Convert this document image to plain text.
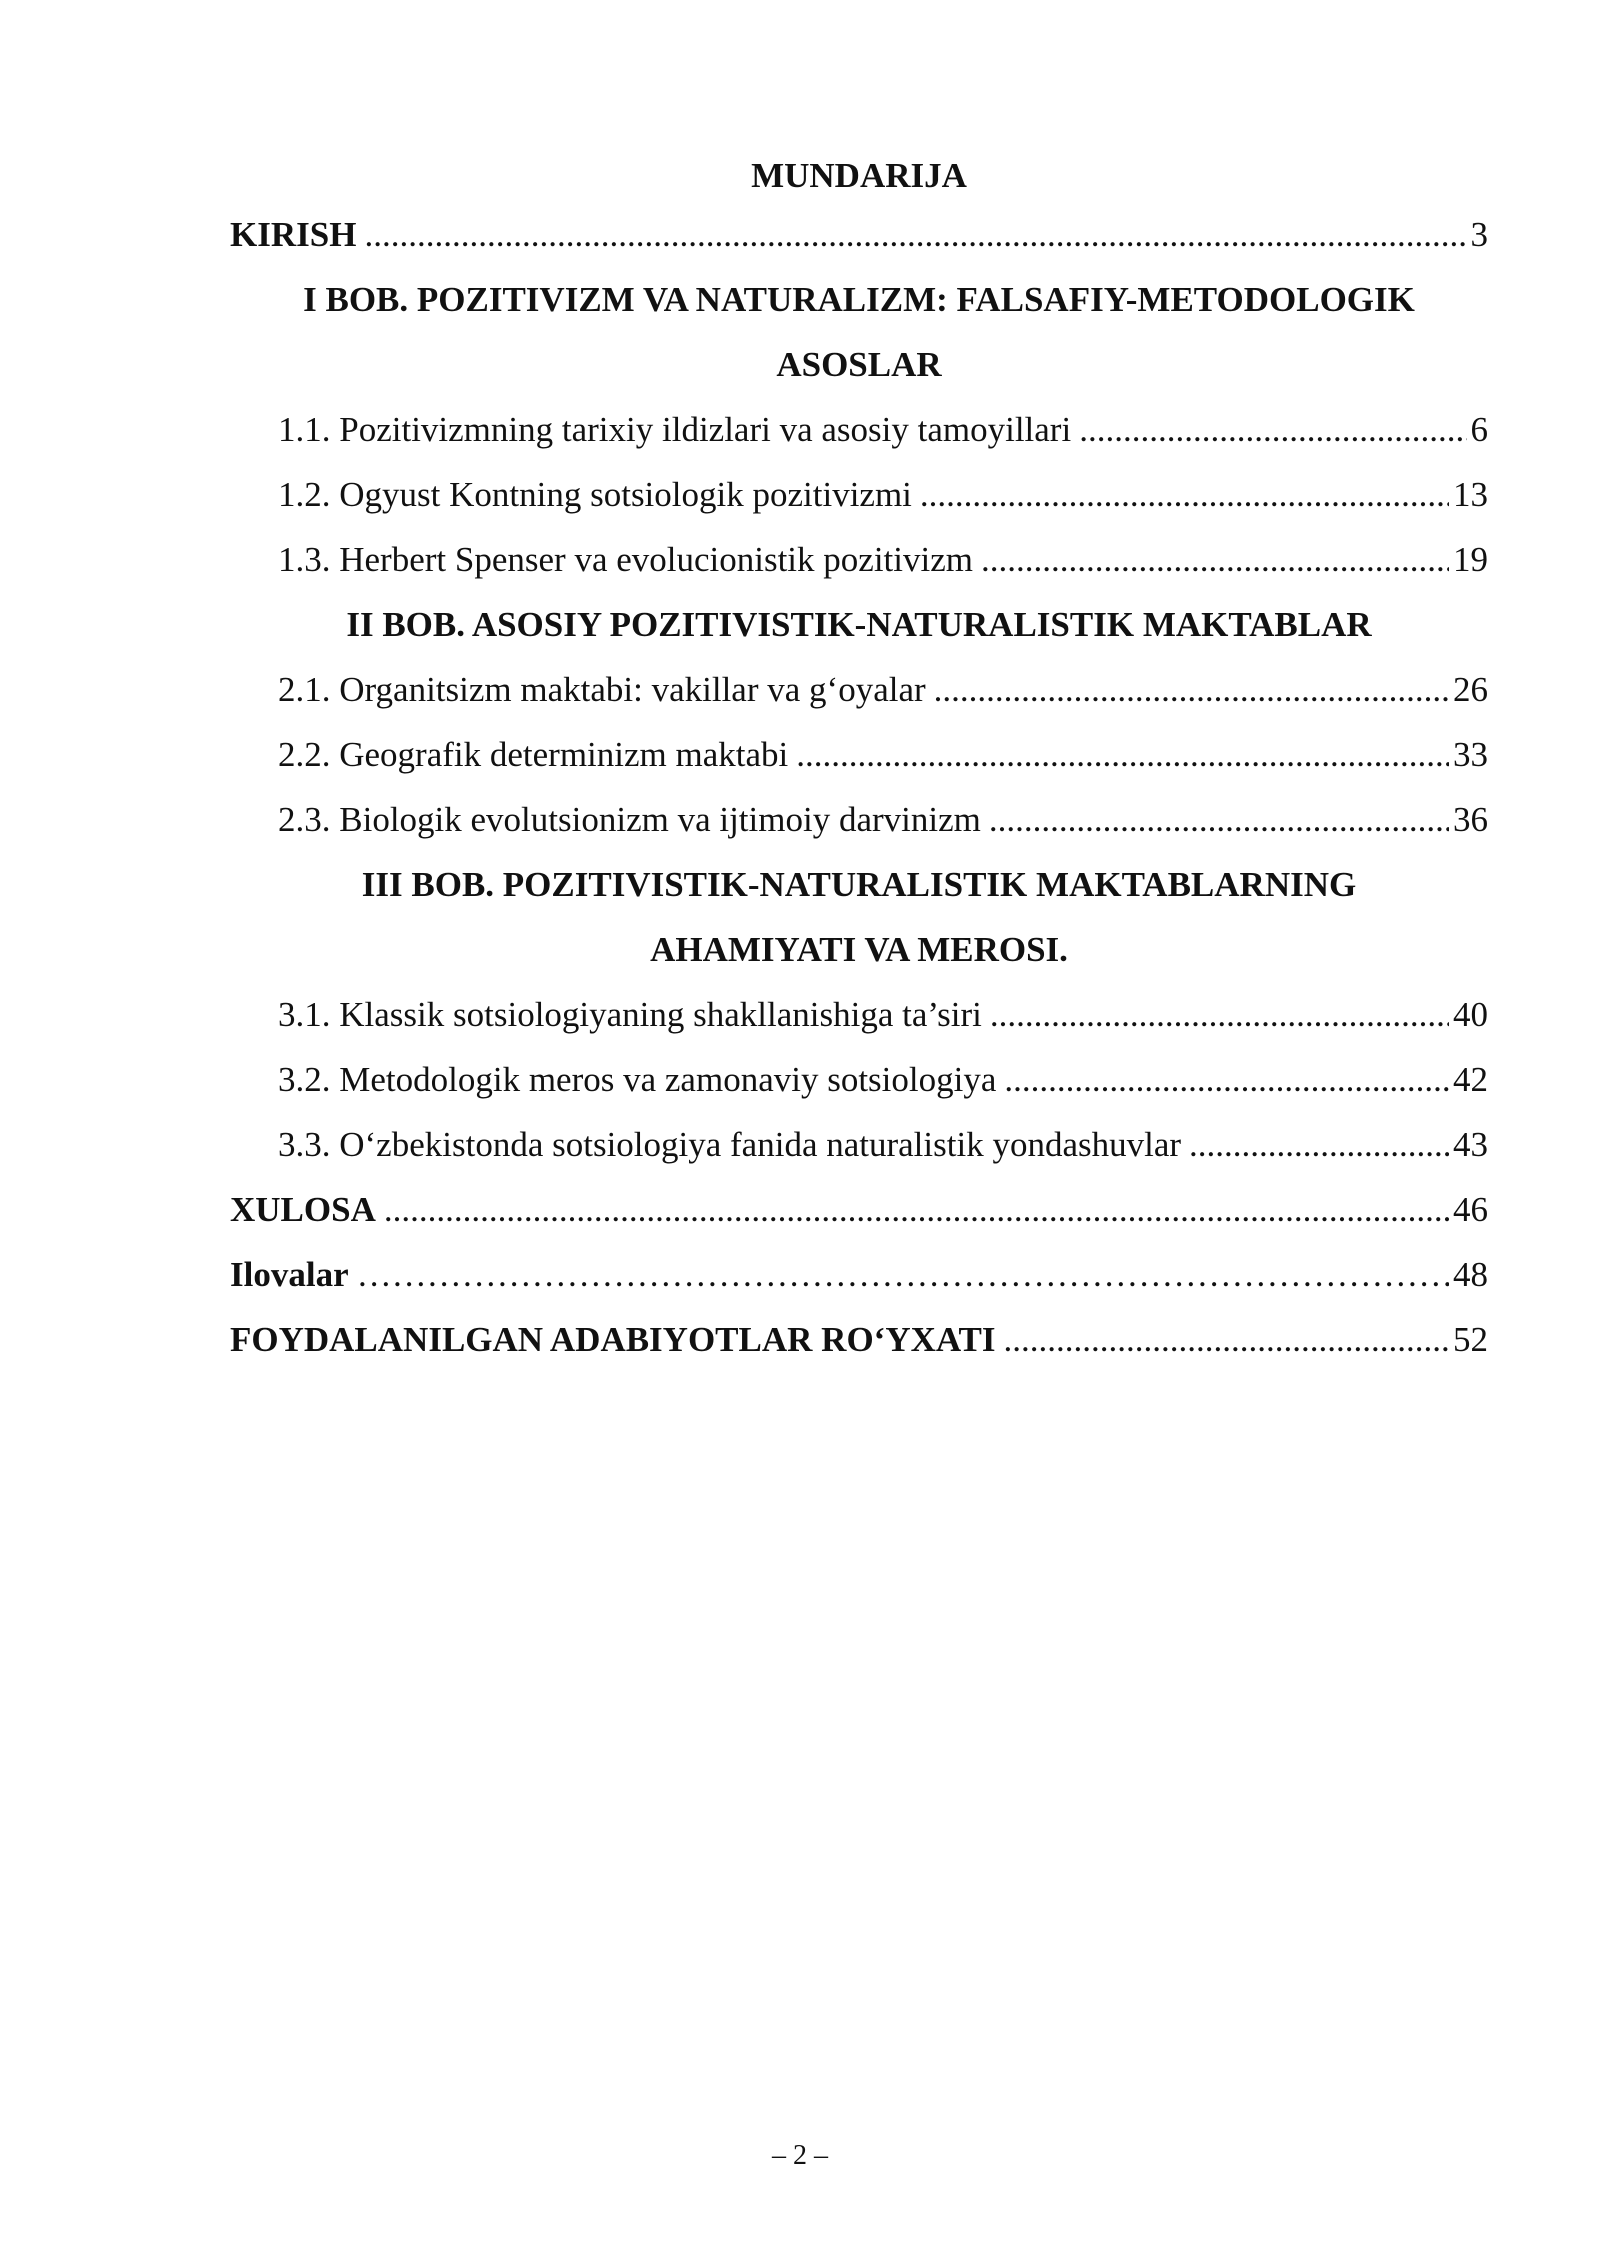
MUNDARIJA
KIRISH .....	3
I BOB. POZITIVIZM VA NATURALIZM: FALSAFIY-METODOLOGIK
ASOSLAR
1.1. Pozitivizmning tarixiy ildizlari va asosiy tamoyillari .....	6
1.2. Ogyust Kontning sotsiologik pozitivizmi .....	13
1.3. Herbert Spenser va evolucionistik pozitivizm .....	19
II BOB. ASOSIY POZITIVISTIK-NATURALISTIK MAKTABLAR
2.1. Organitsizm maktabi: vakillar va g‘oyalar .....	26
2.2. Geografik determinizm maktabi .....	33
2.3. Biologik evolutsionizm va ijtimoiy darvinizm .....	36
III BOB. POZITIVISTIK-NATURALISTIK MAKTABLARNING
AHAMIYATI VA MEROSI.
3.1. Klassik sotsiologiyaning shakllanishiga ta’siri .....	40
3.2. Metodologik meros va zamonaviy sotsiologiya .....	42
3.3. O‘zbekistonda sotsiologiya fanida naturalistik yondashuvlar .....	43
XULOSA .....	46
Ilovalar …………………………………………………………………………………………………………………………………………………………………………	48
FOYDALANILGAN ADABIYOTLAR RO‘YXATI .....	52
– 2 –
